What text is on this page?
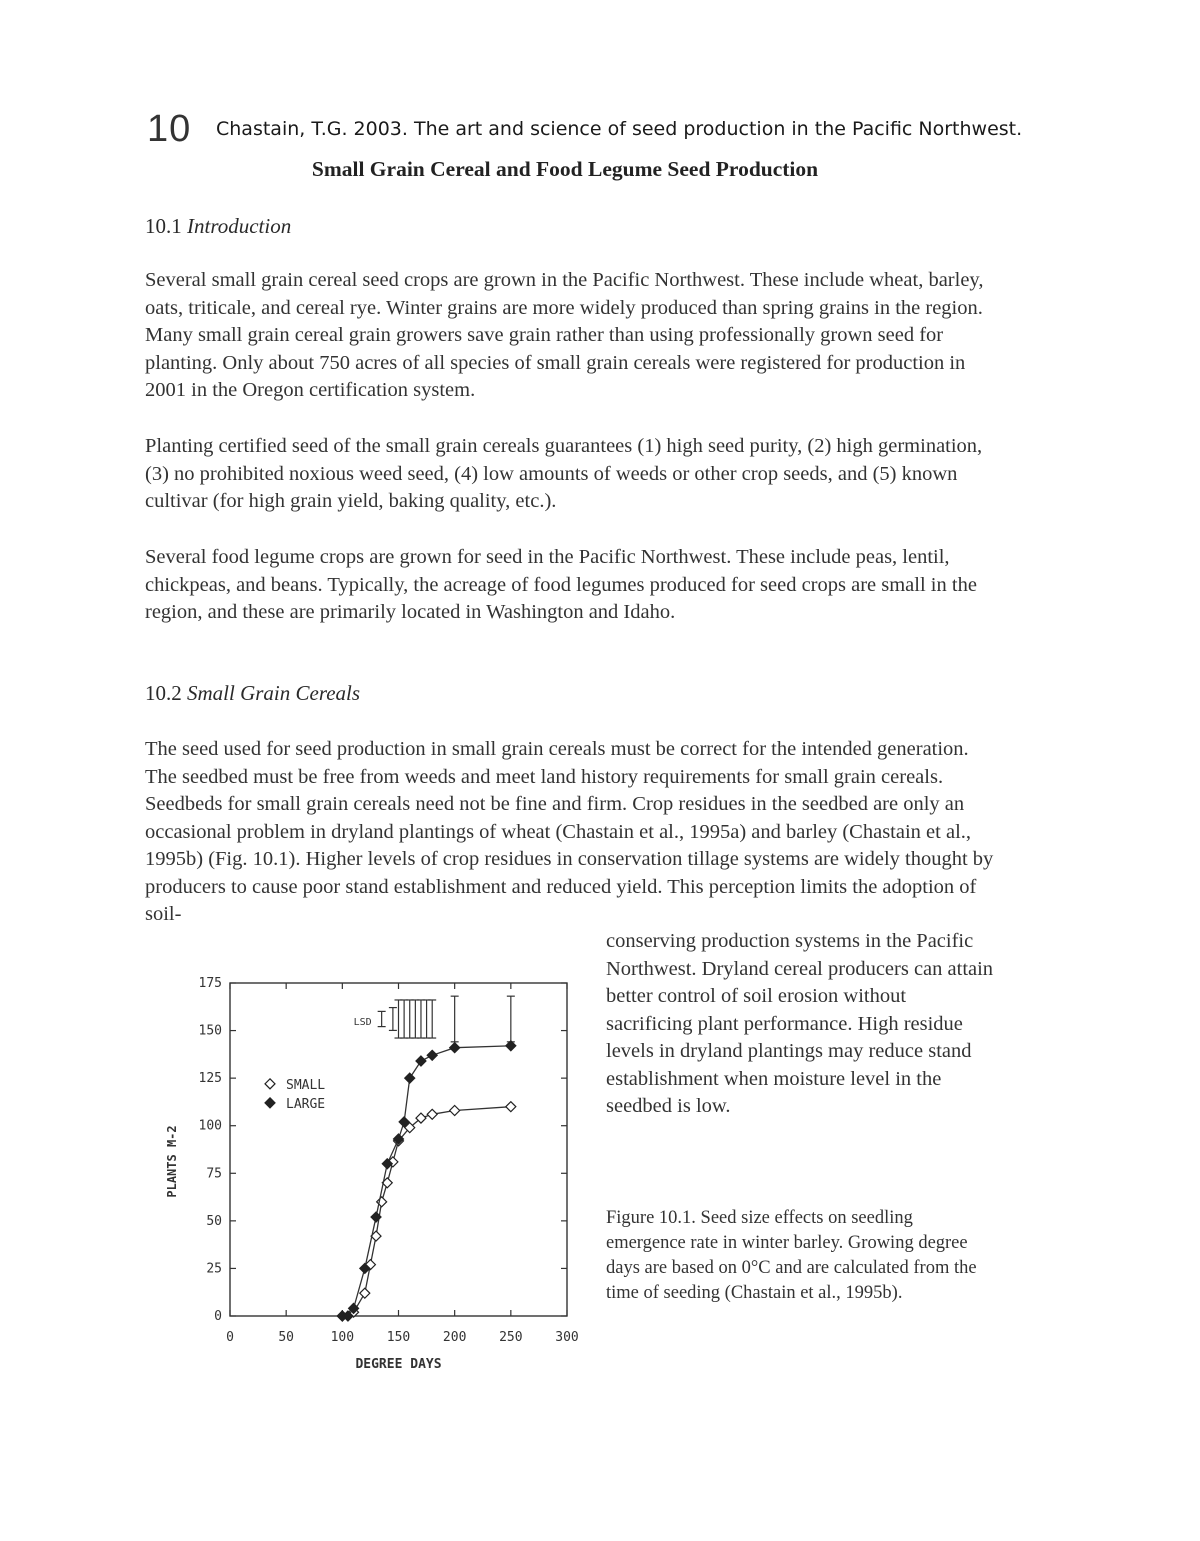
10 Chastain, T.G. 2003. The art and science of seed production in the Pacific Northwest.
Small Grain Cereal and Food Legume Seed Production
10.1 Introduction
Several small grain cereal seed crops are grown in the Pacific Northwest. These include wheat, barley, oats, triticale, and cereal rye. Winter grains are more widely produced than spring grains in the region. Many small grain cereal grain growers save grain rather than using professionally grown seed for planting. Only about 750 acres of all species of small grain cereals were registered for production in 2001 in the Oregon certification system.
Planting certified seed of the small grain cereals guarantees (1) high seed purity, (2) high germination, (3) no prohibited noxious weed seed, (4) low amounts of weeds or other crop seeds, and (5) known cultivar (for high grain yield, baking quality, etc.).
Several food legume crops are grown for seed in the Pacific Northwest. These include peas, lentil, chickpeas, and beans. Typically, the acreage of food legumes produced for seed crops are small in the region, and these are primarily located in Washington and Idaho.
10.2 Small Grain Cereals
The seed used for seed production in small grain cereals must be correct for the intended generation. The seedbed must be free from weeds and meet land history requirements for small grain cereals. Seedbeds for small grain cereals need not be fine and firm. Crop residues in the seedbed are only an occasional problem in dryland plantings of wheat (Chastain et al., 1995a) and barley (Chastain et al., 1995b) (Fig. 10.1). Higher levels of crop residues in conservation tillage systems are widely thought by producers to cause poor stand establishment and reduced yield. This perception limits the adoption of soil-
conserving production systems in the Pacific Northwest. Dryland cereal producers can attain better control of soil erosion without sacrificing plant performance. High residue levels in dryland plantings may reduce stand establishment when moisture level in the seedbed is low.
Figure 10.1. Seed size effects on seedling emergence rate in winter barley. Growing degree days are based on 0°C and are calculated from the time of seeding (Chastain et al., 1995b).
DEGREE DAYS
PLANTS M-2
0	50	100	150	200	250	300
0
25
50
75
100
125
150
175
LSD
SMALL
LARGE
